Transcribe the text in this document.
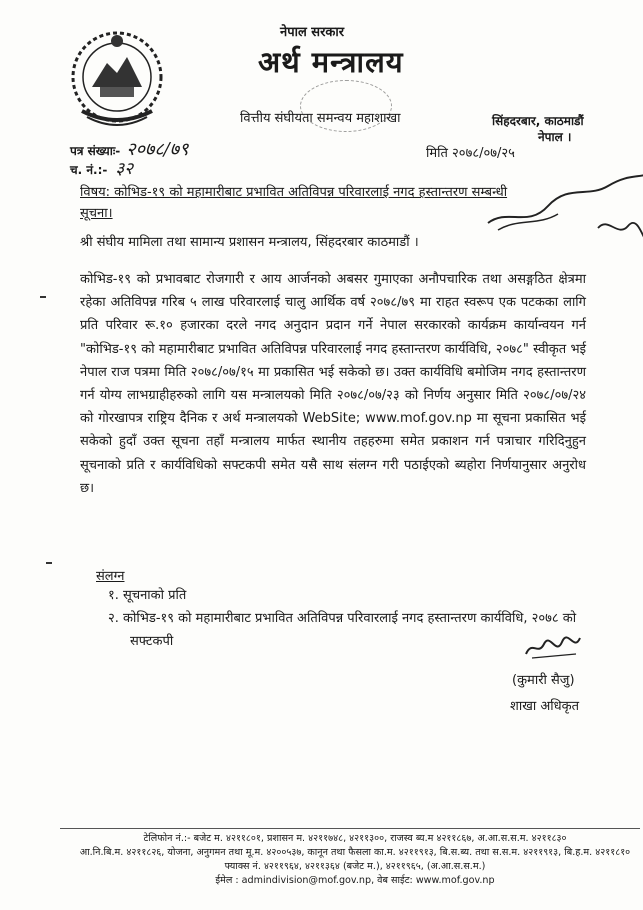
नेपाल सरकार
अर्थ मन्त्रालय
वित्तीय संघीयता समन्वय महाशाखा	सिंहदरबार, काठमाडौं
नेपाल ।
पत्र संख्याः- २०७८/७९
च. नं.:- ३२
मिति २०७८/०७/२५
विषय: कोभिड-१९ को महामारीबाट प्रभावित अतिविपन्न परिवारलाई नगद हस्तान्तरण सम्बन्धी सूचना।
श्री संघीय मामिला तथा सामान्य प्रशासन मन्त्रालय, सिंहदरबार काठमाडौं ।

कोभिड-१९ को प्रभावबाट रोजगारी र आय आर्जनको अबसर गुमाएका अनौपचारिक तथा असङ्गठित क्षेत्रमा रहेका अतिविपन्न गरिब ५ लाख परिवारलाई चालु आर्थिक वर्ष २०७८/७९ मा राहत स्वरूप एक पटकका लागि प्रति परिवार रू.१० हजारका दरले नगद अनुदान प्रदान गर्ने नेपाल सरकारको कार्यक्रम कार्यान्वयन गर्न "कोभिड-१९ को महामारीबाट प्रभावित अतिविपन्न परिवारलाई नगद हस्तान्तरण कार्यविधि, २०७८" स्वीकृत भई नेपाल राज पत्रमा मिति २०७८/०७/१५ मा प्रकासित भई सकेको छ। उक्त कार्यविधि बमोजिम नगद हस्तान्तरण गर्न योग्य लाभग्राहीहरुको लागि यस मन्त्रालयको मिति २०७८/०७/२३ को निर्णय अनुसार मिति २०७८/०७/२४ को गोरखापत्र राष्ट्रिय दैनिक र अर्थ मन्त्रालयको WebSite; www.mof.gov.np मा सूचना प्रकासित भई सकेको हुदाँ उक्त सूचना तहाँ मन्त्रालय मार्फत स्थानीय तहहरुमा समेत प्रकाशन गर्न पत्राचार गरिदिनुहुन सूचनाको प्रति र कार्यविधिको सफ्टकपी समेत यसै साथ संलग्न गरी पठाईएको ब्यहोरा निर्णयानुसार अनुरोध छ।

संलग्न
१. सूचनाको प्रति
२. कोभिड-१९ को महामारीबाट प्रभावित अतिविपन्न परिवारलाई नगद हस्तान्तरण कार्यविधि, २०७८ को सफ्टकपी
(कुमारी सैजु)
शाखा अधिकृत
टेलिफोन नं.:- बजेट म. ४२११८०१, प्रशासन म. ४२११७४८, ४२११३००, राजस्व ब्य.म ४२११८६७, अ.आ.स.स.म. ४२११८३०
आ.नि.बि.म. ४२११८२६, योजना, अनुगमन तथा मू.म. ४२००५३७, कानून तथा फैसला का.म. ४२११९१३, बि.स.ब्य. तथा स.स.म. ४२११९१३, बि.ह.म. ४२११८१०
फ्याक्स नं. ४२११९६४, ४२११३६४ (बजेट म.), ४२११९६५, (अ.आ.स.स.म.)
ईमेल : admindivision@mof.gov.np, वेब साईट: www.mof.gov.np
